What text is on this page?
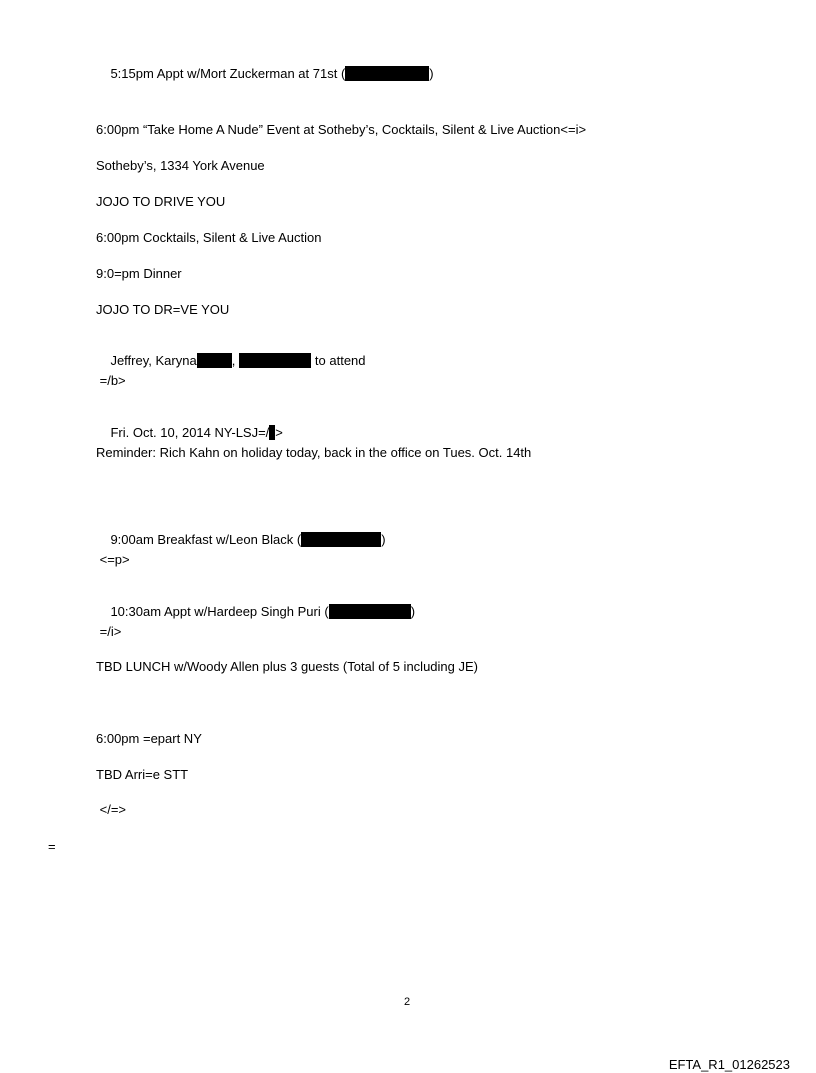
5:15pm Appt w/Mort Zuckerman at 71st (	)

6:00pm “Take Home A Nude” Event at Sotheby’s, Cocktails, Silent & Live Auction<=i>
Sotheby’s, 1334 York Avenue
JOJO TO DRIVE YOU
6:00pm Cocktails, Silent & Live Auction
9:0=pm Dinner
JOJO TO DR=VE YOU

Jeffrey, Karyna	,	to attend

=/b>

Fri. Oct. 10, 2014 NY-LSJ=/ >

Reminder: Rich Kahn on holiday today, back in the office on Tues. Oct. 14th

9:00am Breakfast w/Leon Black (	)

<=p>

10:30am Appt w/Hardeep Singh Puri (	)

=/i>
TBD LUNCH w/Woody Allen plus 3 guests (Total of 5 including JE)
6:00pm =epart NY
TBD Arri=e STT
</=>
=
2
EFTA_R1_01262523
